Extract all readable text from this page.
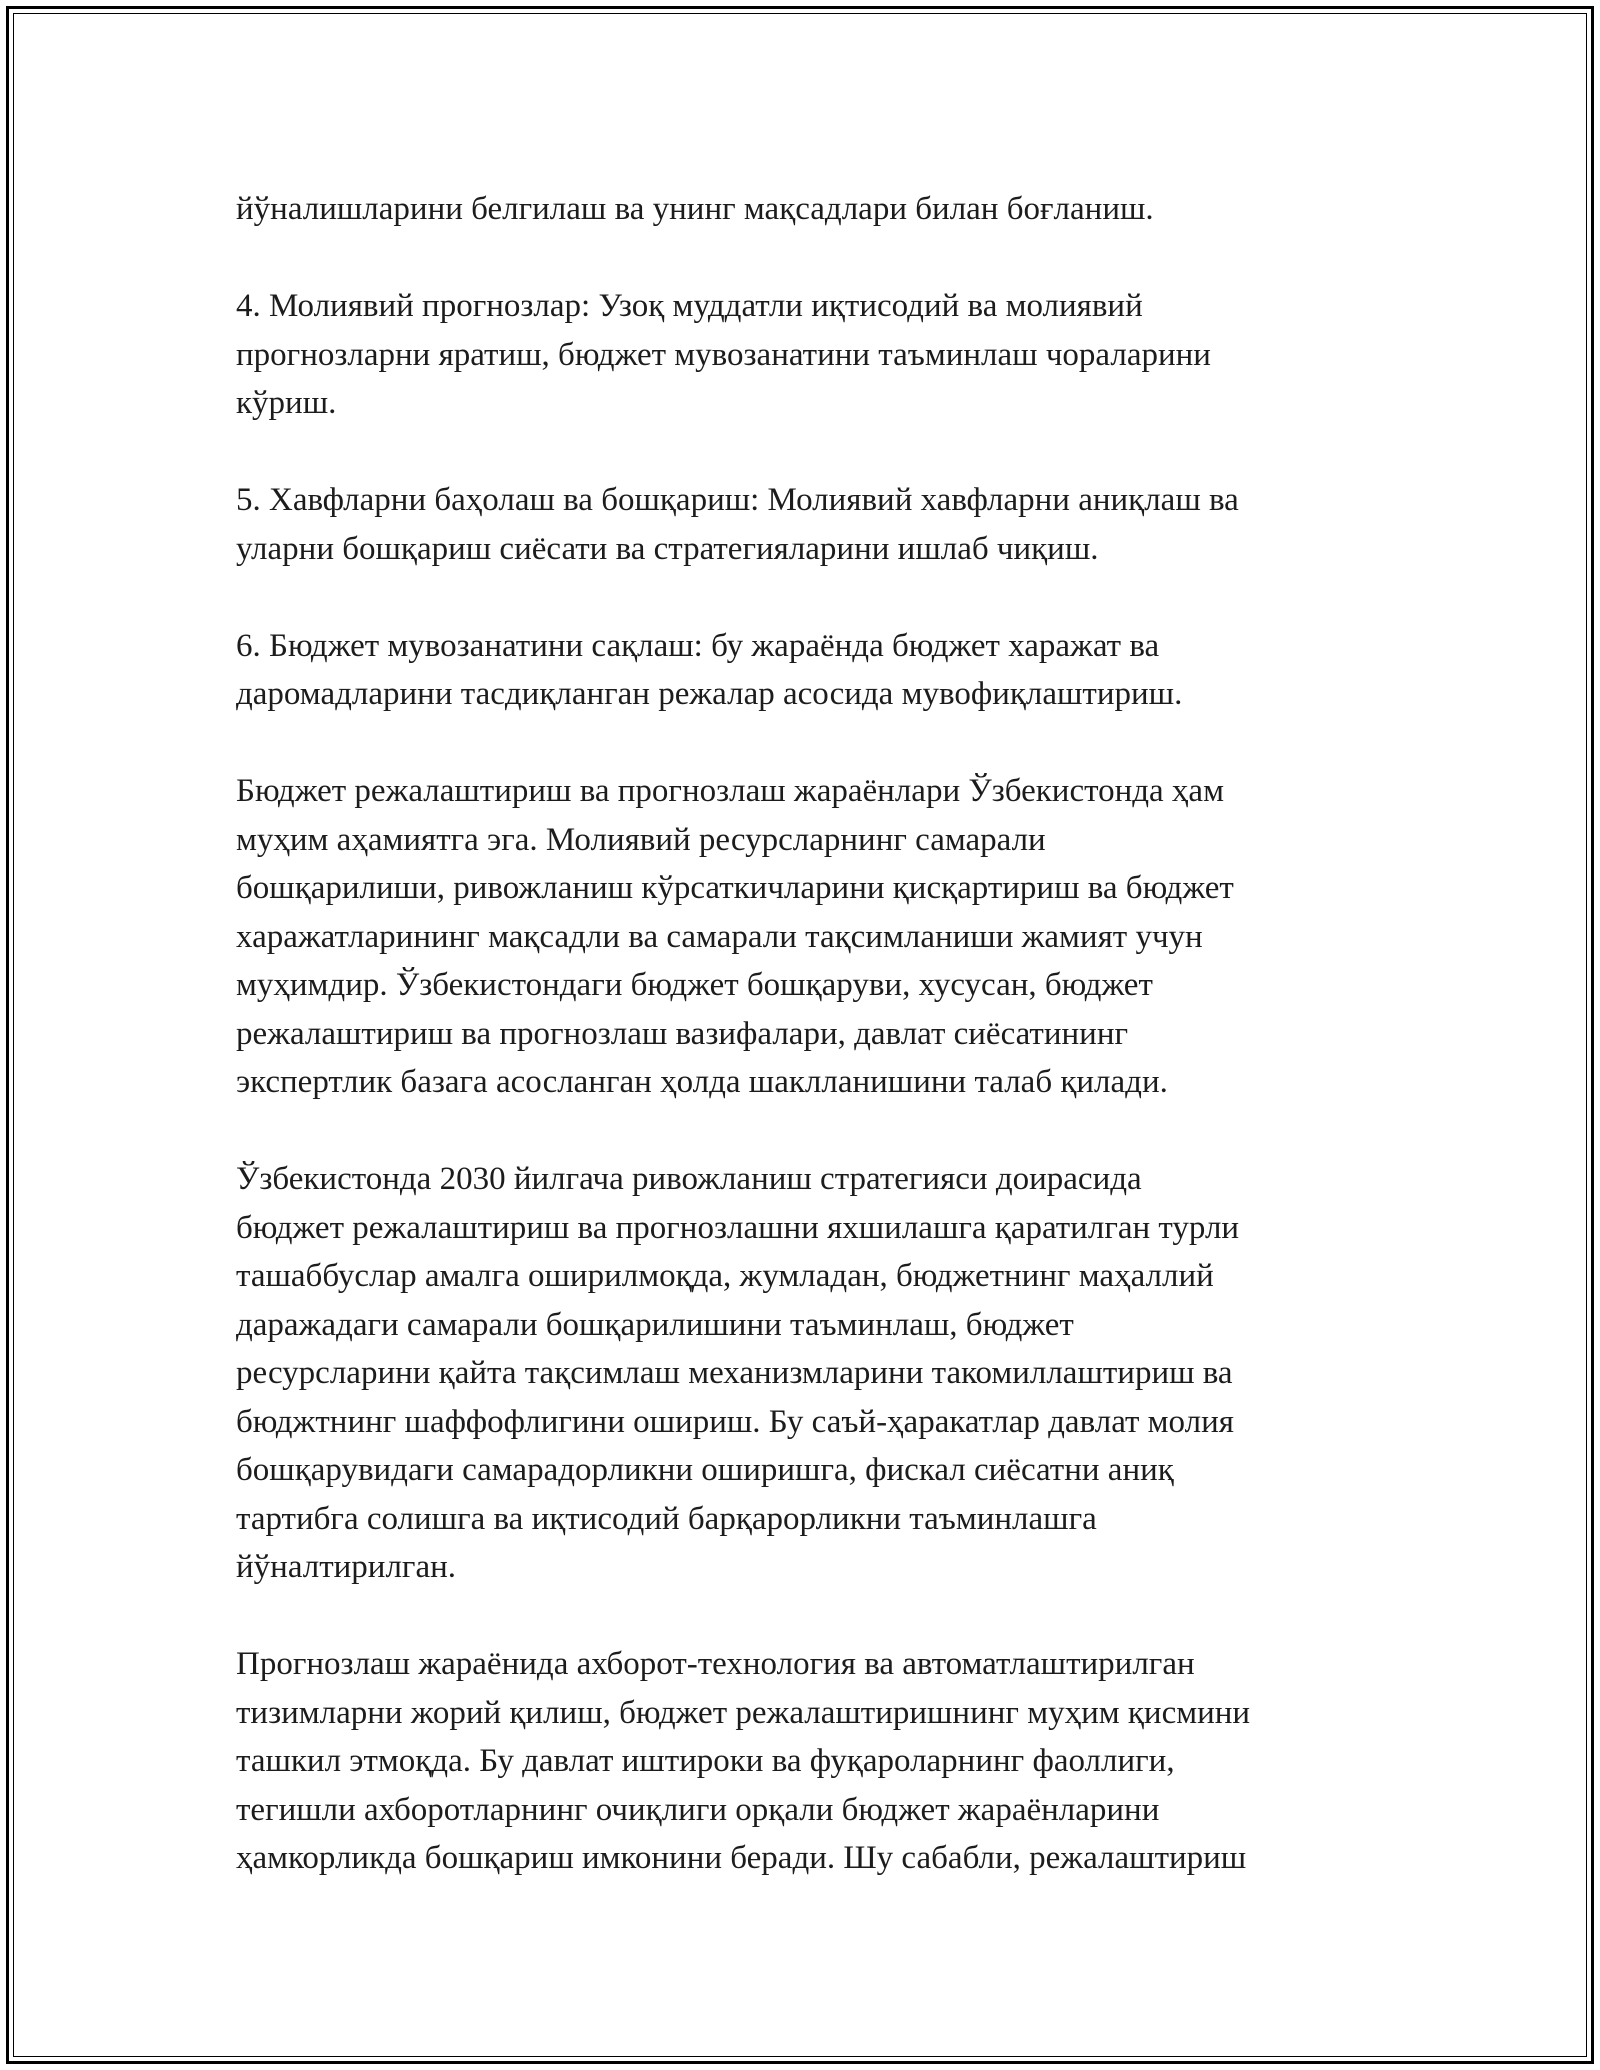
йўналишларини белгилаш ва унинг мақсадлари билан боғланиш.

4. Молиявий прогнозлар: Узоқ муддатли иқтисодий ва молиявий
прогнозларни яратиш, бюджет мувозанатини таъминлаш чораларини
кўриш.

5. Хавфларни баҳолаш ва бошқариш: Молиявий хавфларни аниқлаш ва
уларни бошқариш сиёсати ва стратегияларини ишлаб чиқиш.

6. Бюджет мувозанатини сақлаш: бу жараёнда бюджет харажат ва
даромадларини тасдиқланган режалар асосида мувофиқлаштириш.

Бюджет режалаштириш ва прогнозлаш жараёнлари Ўзбекистонда ҳам
муҳим аҳамиятга эга. Молиявий ресурсларнинг самарали
бошқарилиши, ривожланиш кўрсаткичларини қисқартириш ва бюджет
харажатларининг мақсадли ва самарали тақсимланиши жамият учун
муҳимдир. Ўзбекистондаги бюджет бошқаруви, хусусан, бюджет
режалаштириш ва прогнозлаш вазифалари, давлат сиёсатининг
экспертлик базага асосланган ҳолда шаклланишини талаб қилади.

Ўзбекистонда 2030 йилгача ривожланиш стратегияси доирасида
бюджет режалаштириш ва прогнозлашни яхшилашга қаратилган турли
ташаббуслар амалга оширилмоқда, жумладан, бюджетнинг маҳаллий
даражадаги самарали бошқарилишини таъминлаш, бюджет
ресурсларини қайта тақсимлаш механизмларини такомиллаштириш ва
бюджтнинг шаффофлигини ошириш. Бу саъй-ҳаракатлар давлат молия
бошқарувидаги самарадорликни оширишга, фискал сиёсатни аниқ
тартибга солишга ва иқтисодий барқарорликни таъминлашга
йўналтирилган.

Прогнозлаш жараёнида ахборот-технология ва автоматлаштирилган
тизимларни жорий қилиш, бюджет режалаштиришнинг муҳим қисмини
ташкил этмоқда. Бу давлат иштироки ва фуқароларнинг фаоллиги,
тегишли ахборотларнинг очиқлиги орқали бюджет жараёнларини
ҳамкорликда бошқариш имконини беради. Шу сабабли, режалаштириш
